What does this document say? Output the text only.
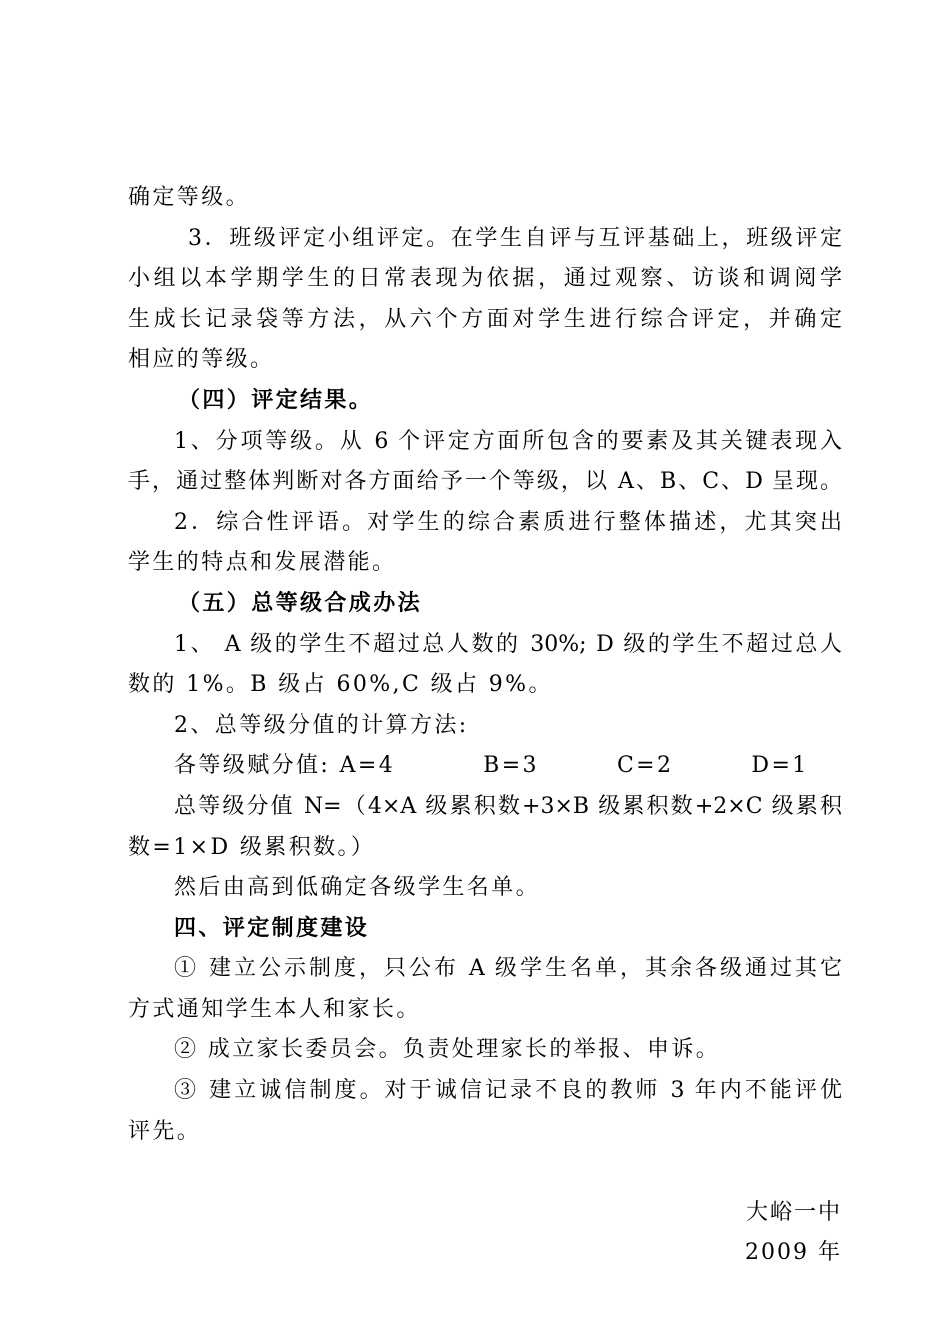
确定等级。
3．班级评定小组评定。在学生自评与互评基础上，班级评定
小组以本学期学生的日常表现为依据，通过观察、访谈和调阅学
生成长记录袋等方法，从六个方面对学生进行综合评定，并确定
相应的等级。
（四）评定结果。
1、分项等级。从 6 个评定方面所包含的要素及其关键表现入
手，通过整体判断对各方面给予一个等级，以 A、B、C、D 呈现。
2．综合性评语。对学生的综合素质进行整体描述，尤其突出
学生的特点和发展潜能。
（五）总等级合成办法
1、 A 级的学生不超过总人数的 30%; D 级的学生不超过总人
数的 1%。B 级占 60%,C 级占 9%。
2、总等级分值的计算方法:
各等级赋分值: A=4	B=3	C=2	D=1
总等级分值 N=（4×A 级累积数+3×B 级累积数+2×C 级累积
数=1×D 级累积数。）
然后由高到低确定各级学生名单。
四、评定制度建设
① 建立公示制度，只公布 A 级学生名单，其余各级通过其它
方式通知学生本人和家长。
② 成立家长委员会。负责处理家长的举报、申诉。
③ 建立诚信制度。对于诚信记录不良的教师 3 年内不能评优
评先。
大峪一中
2009 年
